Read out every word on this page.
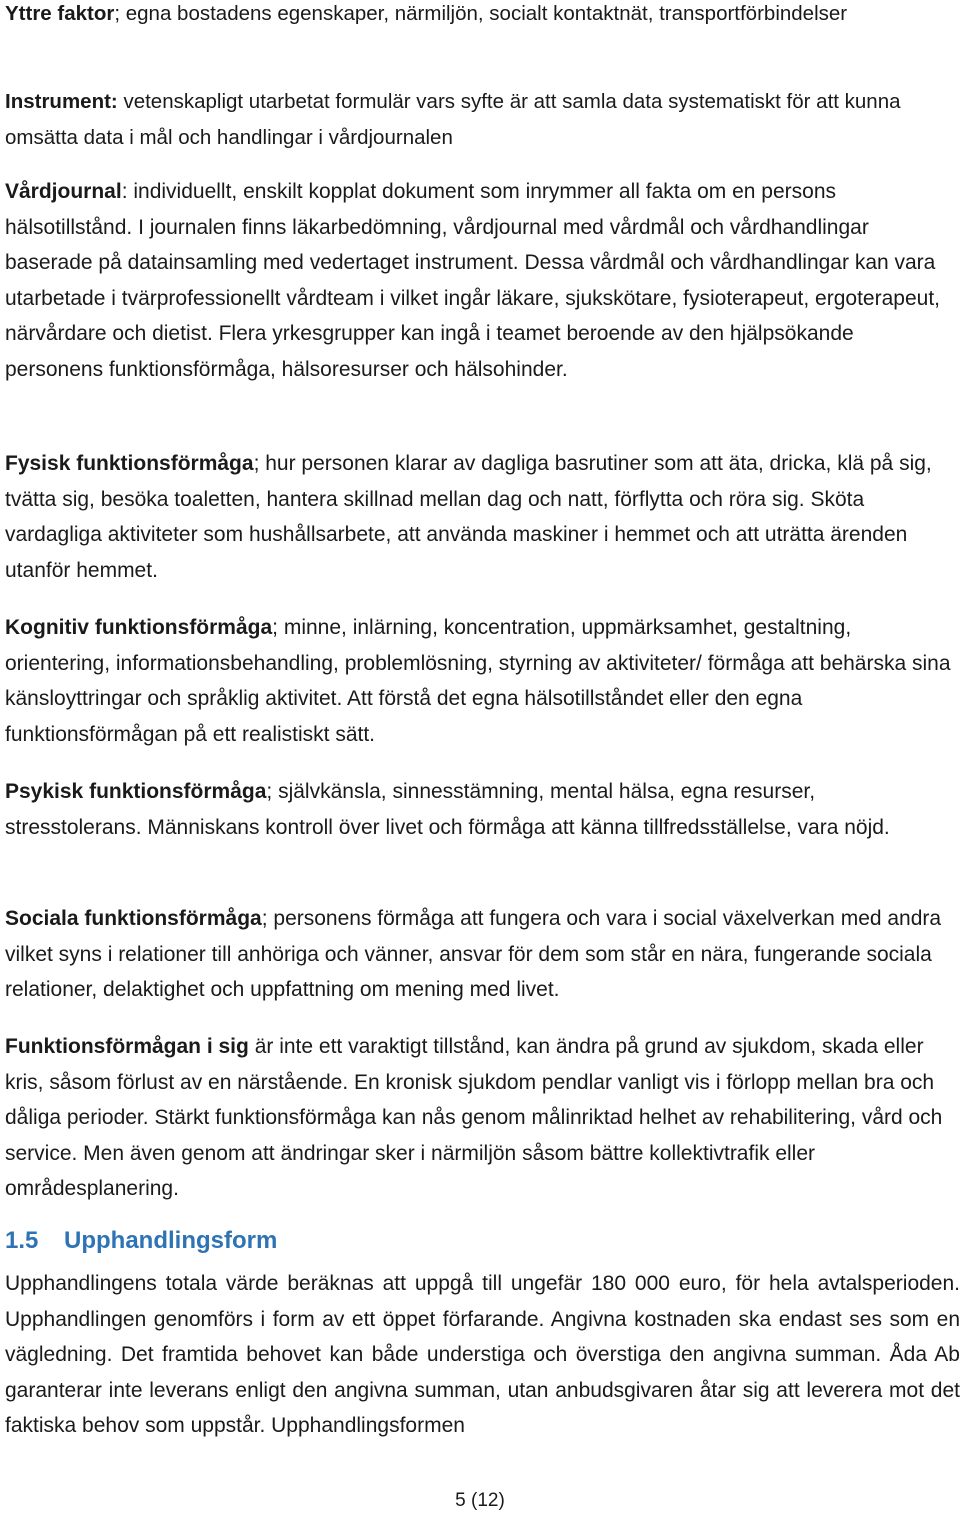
Yttre faktor; egna bostadens egenskaper, närmiljön, socialt kontaktnät, transportförbindelser

Instrument: vetenskapligt utarbetat formulär vars syfte är att samla data systematiskt för att kunna omsätta data i mål och handlingar i vårdjournalen

Vårdjournal: individuellt, enskilt kopplat dokument som inrymmer all fakta om en persons hälsotillstånd. I journalen finns läkarbedömning, vårdjournal med vårdmål och vårdhandlingar baserade på datainsamling med vedertaget instrument. Dessa vårdmål och vårdhandlingar kan vara utarbetade i tvärprofessionellt vårdteam i vilket ingår läkare, sjukskötare, fysioterapeut, ergoterapeut, närvårdare och dietist. Flera yrkesgrupper kan ingå i teamet beroende av den hjälpsökande personens funktionsförmåga, hälsoresurser och hälsohinder.

Fysisk funktionsförmåga; hur personen klarar av dagliga basrutiner som att äta, dricka, klä på sig, tvätta sig, besöka toaletten, hantera skillnad mellan dag och natt, förflytta och röra sig. Sköta vardagliga aktiviteter som hushållsarbete, att använda maskiner i hemmet och att uträtta ärenden utanför hemmet.

Kognitiv funktionsförmåga; minne, inlärning, koncentration, uppmärksamhet, gestaltning, orientering, informationsbehandling, problemlösning, styrning av aktiviteter/ förmåga att behärska sina känsloyttringar och språklig aktivitet. Att förstå det egna hälsotillståndet eller den egna funktionsförmågan på ett realistiskt sätt.

Psykisk funktionsförmåga; självkänsla, sinnesstämning, mental hälsa, egna resurser, stresstolerans. Människans kontroll över livet och förmåga att känna tillfredsställelse, vara nöjd.

Sociala funktionsförmåga; personens förmåga att fungera och vara i social växelverkan med andra vilket syns i relationer till anhöriga och vänner, ansvar för dem som står en nära, fungerande sociala relationer, delaktighet och uppfattning om mening med livet.

Funktionsförmågan i sig är inte ett varaktigt tillstånd, kan ändra på grund av sjukdom, skada eller kris, såsom förlust av en närstående. En kronisk sjukdom pendlar vanligt vis i förlopp mellan bra och dåliga perioder. Stärkt funktionsförmåga kan nås genom målinriktad helhet av rehabilitering, vård och service. Men även genom att ändringar sker i närmiljön såsom bättre kollektivtrafik eller områdesplanering.

1.5 Upphandlingsform

Upphandlingens totala värde beräknas att uppgå till ungefär 180 000 euro, för hela avtalsperioden. Upphandlingen genomförs i form av ett öppet förfarande. Angivna kostnaden ska endast ses som en vägledning. Det framtida behovet kan både understiga och överstiga den angivna summan. Åda Ab garanterar inte leverans enligt den angivna summan, utan anbudsgivaren åtar sig att leverera mot det faktiska behov som uppstår. Upphandlingsformen

5 (12)
